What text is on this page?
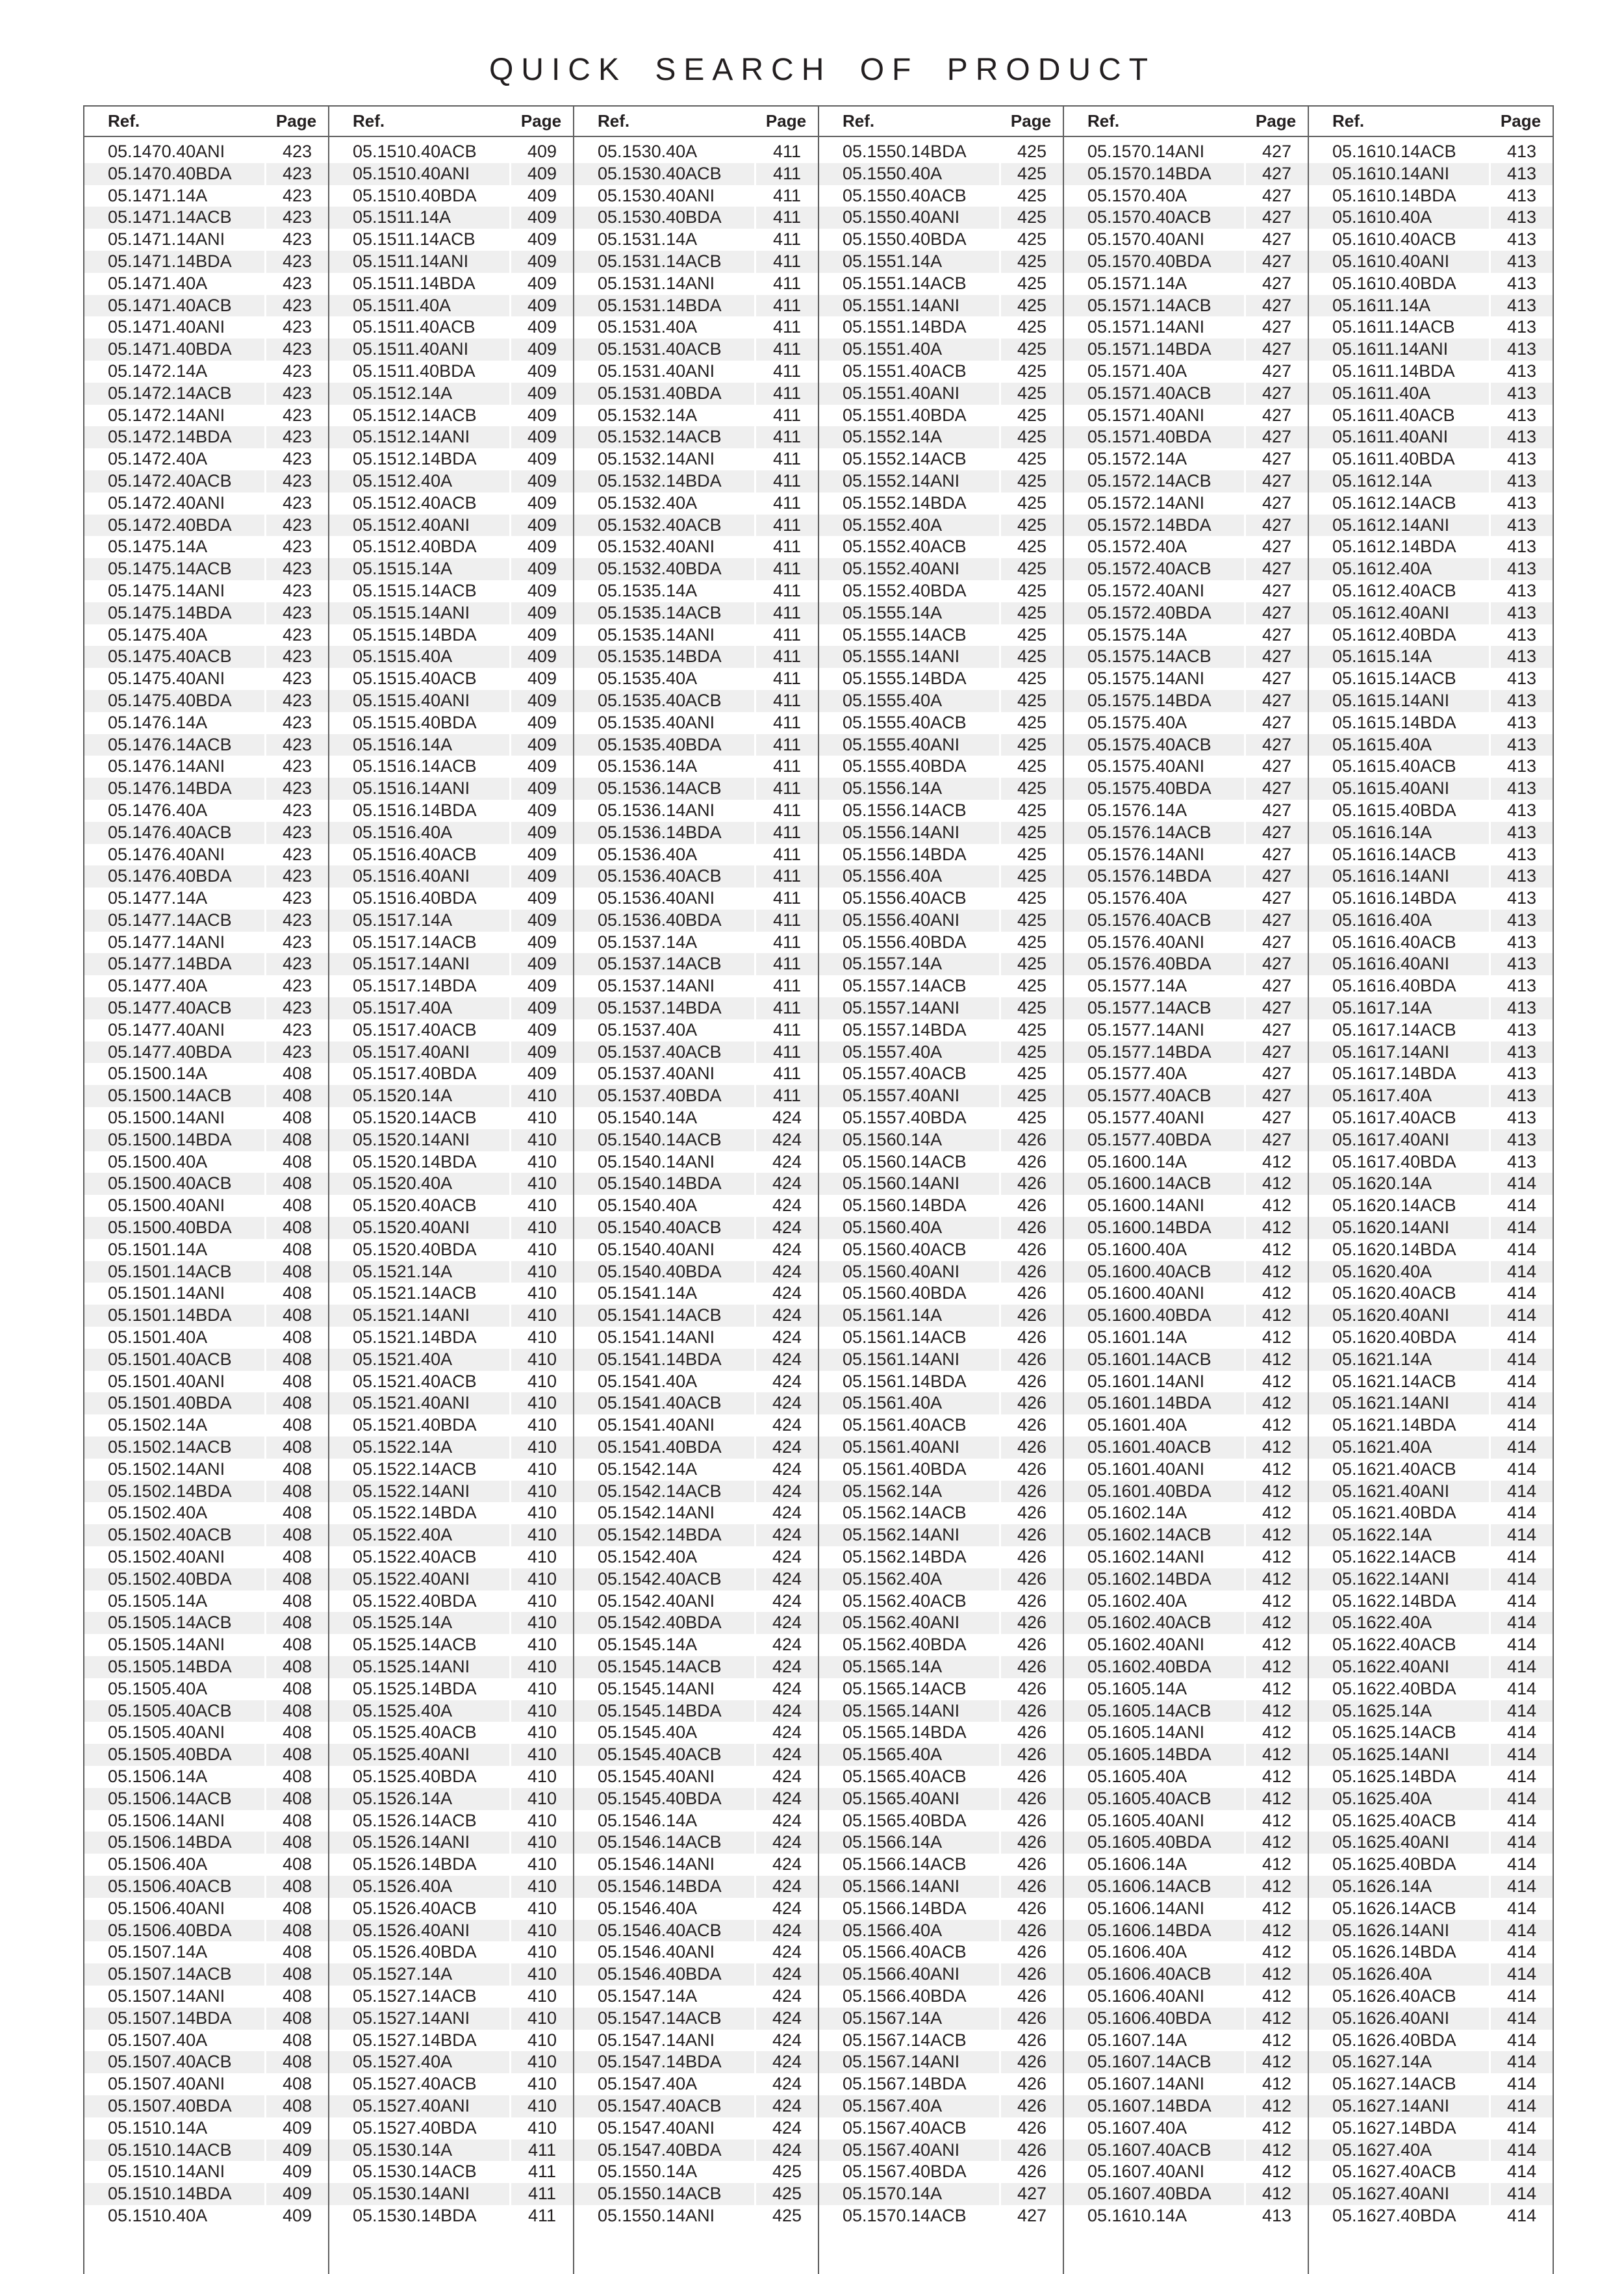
QUICK SEARCH OF PRODUCT
Ref.	Page
05.1470.40ANI	423
05.1470.40BDA	423
05.1471.14A	423
05.1471.14ACB	423
05.1471.14ANI	423
05.1471.14BDA	423
05.1471.40A	423
05.1471.40ACB	423
05.1471.40ANI	423
05.1471.40BDA	423
05.1472.14A	423
05.1472.14ACB	423
05.1472.14ANI	423
05.1472.14BDA	423
05.1472.40A	423
05.1472.40ACB	423
05.1472.40ANI	423
05.1472.40BDA	423
05.1475.14A	423
05.1475.14ACB	423
05.1475.14ANI	423
05.1475.14BDA	423
05.1475.40A	423
05.1475.40ACB	423
05.1475.40ANI	423
05.1475.40BDA	423
05.1476.14A	423
05.1476.14ACB	423
05.1476.14ANI	423
05.1476.14BDA	423
05.1476.40A	423
05.1476.40ACB	423
05.1476.40ANI	423
05.1476.40BDA	423
05.1477.14A	423
05.1477.14ACB	423
05.1477.14ANI	423
05.1477.14BDA	423
05.1477.40A	423
05.1477.40ACB	423
05.1477.40ANI	423
05.1477.40BDA	423
05.1500.14A	408
05.1500.14ACB	408
05.1500.14ANI	408
05.1500.14BDA	408
05.1500.40A	408
05.1500.40ACB	408
05.1500.40ANI	408
05.1500.40BDA	408
05.1501.14A	408
05.1501.14ACB	408
05.1501.14ANI	408
05.1501.14BDA	408
05.1501.40A	408
05.1501.40ACB	408
05.1501.40ANI	408
05.1501.40BDA	408
05.1502.14A	408
05.1502.14ACB	408
05.1502.14ANI	408
05.1502.14BDA	408
05.1502.40A	408
05.1502.40ACB	408
05.1502.40ANI	408
05.1502.40BDA	408
05.1505.14A	408
05.1505.14ACB	408
05.1505.14ANI	408
05.1505.14BDA	408
05.1505.40A	408
05.1505.40ACB	408
05.1505.40ANI	408
05.1505.40BDA	408
05.1506.14A	408
05.1506.14ACB	408
05.1506.14ANI	408
05.1506.14BDA	408
05.1506.40A	408
05.1506.40ACB	408
05.1506.40ANI	408
05.1506.40BDA	408
05.1507.14A	408
05.1507.14ACB	408
05.1507.14ANI	408
05.1507.14BDA	408
05.1507.40A	408
05.1507.40ACB	408
05.1507.40ANI	408
05.1507.40BDA	408
05.1510.14A	409
05.1510.14ACB	409
05.1510.14ANI	409
05.1510.14BDA	409
05.1510.40A	409
Ref.	Page
05.1510.40ACB	409
05.1510.40ANI	409
05.1510.40BDA	409
05.1511.14A	409
05.1511.14ACB	409
05.1511.14ANI	409
05.1511.14BDA	409
05.1511.40A	409
05.1511.40ACB	409
05.1511.40ANI	409
05.1511.40BDA	409
05.1512.14A	409
05.1512.14ACB	409
05.1512.14ANI	409
05.1512.14BDA	409
05.1512.40A	409
05.1512.40ACB	409
05.1512.40ANI	409
05.1512.40BDA	409
05.1515.14A	409
05.1515.14ACB	409
05.1515.14ANI	409
05.1515.14BDA	409
05.1515.40A	409
05.1515.40ACB	409
05.1515.40ANI	409
05.1515.40BDA	409
05.1516.14A	409
05.1516.14ACB	409
05.1516.14ANI	409
05.1516.14BDA	409
05.1516.40A	409
05.1516.40ACB	409
05.1516.40ANI	409
05.1516.40BDA	409
05.1517.14A	409
05.1517.14ACB	409
05.1517.14ANI	409
05.1517.14BDA	409
05.1517.40A	409
05.1517.40ACB	409
05.1517.40ANI	409
05.1517.40BDA	409
05.1520.14A	410
05.1520.14ACB	410
05.1520.14ANI	410
05.1520.14BDA	410
05.1520.40A	410
05.1520.40ACB	410
05.1520.40ANI	410
05.1520.40BDA	410
05.1521.14A	410
05.1521.14ACB	410
05.1521.14ANI	410
05.1521.14BDA	410
05.1521.40A	410
05.1521.40ACB	410
05.1521.40ANI	410
05.1521.40BDA	410
05.1522.14A	410
05.1522.14ACB	410
05.1522.14ANI	410
05.1522.14BDA	410
05.1522.40A	410
05.1522.40ACB	410
05.1522.40ANI	410
05.1522.40BDA	410
05.1525.14A	410
05.1525.14ACB	410
05.1525.14ANI	410
05.1525.14BDA	410
05.1525.40A	410
05.1525.40ACB	410
05.1525.40ANI	410
05.1525.40BDA	410
05.1526.14A	410
05.1526.14ACB	410
05.1526.14ANI	410
05.1526.14BDA	410
05.1526.40A	410
05.1526.40ACB	410
05.1526.40ANI	410
05.1526.40BDA	410
05.1527.14A	410
05.1527.14ACB	410
05.1527.14ANI	410
05.1527.14BDA	410
05.1527.40A	410
05.1527.40ACB	410
05.1527.40ANI	410
05.1527.40BDA	410
05.1530.14A	411
05.1530.14ACB	411
05.1530.14ANI	411
05.1530.14BDA	411
Ref.	Page
05.1530.40A	411
05.1530.40ACB	411
05.1530.40ANI	411
05.1530.40BDA	411
05.1531.14A	411
05.1531.14ACB	411
05.1531.14ANI	411
05.1531.14BDA	411
05.1531.40A	411
05.1531.40ACB	411
05.1531.40ANI	411
05.1531.40BDA	411
05.1532.14A	411
05.1532.14ACB	411
05.1532.14ANI	411
05.1532.14BDA	411
05.1532.40A	411
05.1532.40ACB	411
05.1532.40ANI	411
05.1532.40BDA	411
05.1535.14A	411
05.1535.14ACB	411
05.1535.14ANI	411
05.1535.14BDA	411
05.1535.40A	411
05.1535.40ACB	411
05.1535.40ANI	411
05.1535.40BDA	411
05.1536.14A	411
05.1536.14ACB	411
05.1536.14ANI	411
05.1536.14BDA	411
05.1536.40A	411
05.1536.40ACB	411
05.1536.40ANI	411
05.1536.40BDA	411
05.1537.14A	411
05.1537.14ACB	411
05.1537.14ANI	411
05.1537.14BDA	411
05.1537.40A	411
05.1537.40ACB	411
05.1537.40ANI	411
05.1537.40BDA	411
05.1540.14A	424
05.1540.14ACB	424
05.1540.14ANI	424
05.1540.14BDA	424
05.1540.40A	424
05.1540.40ACB	424
05.1540.40ANI	424
05.1540.40BDA	424
05.1541.14A	424
05.1541.14ACB	424
05.1541.14ANI	424
05.1541.14BDA	424
05.1541.40A	424
05.1541.40ACB	424
05.1541.40ANI	424
05.1541.40BDA	424
05.1542.14A	424
05.1542.14ACB	424
05.1542.14ANI	424
05.1542.14BDA	424
05.1542.40A	424
05.1542.40ACB	424
05.1542.40ANI	424
05.1542.40BDA	424
05.1545.14A	424
05.1545.14ACB	424
05.1545.14ANI	424
05.1545.14BDA	424
05.1545.40A	424
05.1545.40ACB	424
05.1545.40ANI	424
05.1545.40BDA	424
05.1546.14A	424
05.1546.14ACB	424
05.1546.14ANI	424
05.1546.14BDA	424
05.1546.40A	424
05.1546.40ACB	424
05.1546.40ANI	424
05.1546.40BDA	424
05.1547.14A	424
05.1547.14ACB	424
05.1547.14ANI	424
05.1547.14BDA	424
05.1547.40A	424
05.1547.40ACB	424
05.1547.40ANI	424
05.1547.40BDA	424
05.1550.14A	425
05.1550.14ACB	425
05.1550.14ANI	425
Ref.	Page
05.1550.14BDA	425
05.1550.40A	425
05.1550.40ACB	425
05.1550.40ANI	425
05.1550.40BDA	425
05.1551.14A	425
05.1551.14ACB	425
05.1551.14ANI	425
05.1551.14BDA	425
05.1551.40A	425
05.1551.40ACB	425
05.1551.40ANI	425
05.1551.40BDA	425
05.1552.14A	425
05.1552.14ACB	425
05.1552.14ANI	425
05.1552.14BDA	425
05.1552.40A	425
05.1552.40ACB	425
05.1552.40ANI	425
05.1552.40BDA	425
05.1555.14A	425
05.1555.14ACB	425
05.1555.14ANI	425
05.1555.14BDA	425
05.1555.40A	425
05.1555.40ACB	425
05.1555.40ANI	425
05.1555.40BDA	425
05.1556.14A	425
05.1556.14ACB	425
05.1556.14ANI	425
05.1556.14BDA	425
05.1556.40A	425
05.1556.40ACB	425
05.1556.40ANI	425
05.1556.40BDA	425
05.1557.14A	425
05.1557.14ACB	425
05.1557.14ANI	425
05.1557.14BDA	425
05.1557.40A	425
05.1557.40ACB	425
05.1557.40ANI	425
05.1557.40BDA	425
05.1560.14A	426
05.1560.14ACB	426
05.1560.14ANI	426
05.1560.14BDA	426
05.1560.40A	426
05.1560.40ACB	426
05.1560.40ANI	426
05.1560.40BDA	426
05.1561.14A	426
05.1561.14ACB	426
05.1561.14ANI	426
05.1561.14BDA	426
05.1561.40A	426
05.1561.40ACB	426
05.1561.40ANI	426
05.1561.40BDA	426
05.1562.14A	426
05.1562.14ACB	426
05.1562.14ANI	426
05.1562.14BDA	426
05.1562.40A	426
05.1562.40ACB	426
05.1562.40ANI	426
05.1562.40BDA	426
05.1565.14A	426
05.1565.14ACB	426
05.1565.14ANI	426
05.1565.14BDA	426
05.1565.40A	426
05.1565.40ACB	426
05.1565.40ANI	426
05.1565.40BDA	426
05.1566.14A	426
05.1566.14ACB	426
05.1566.14ANI	426
05.1566.14BDA	426
05.1566.40A	426
05.1566.40ACB	426
05.1566.40ANI	426
05.1566.40BDA	426
05.1567.14A	426
05.1567.14ACB	426
05.1567.14ANI	426
05.1567.14BDA	426
05.1567.40A	426
05.1567.40ACB	426
05.1567.40ANI	426
05.1567.40BDA	426
05.1570.14A	427
05.1570.14ACB	427
Ref.	Page
05.1570.14ANI	427
05.1570.14BDA	427
05.1570.40A	427
05.1570.40ACB	427
05.1570.40ANI	427
05.1570.40BDA	427
05.1571.14A	427
05.1571.14ACB	427
05.1571.14ANI	427
05.1571.14BDA	427
05.1571.40A	427
05.1571.40ACB	427
05.1571.40ANI	427
05.1571.40BDA	427
05.1572.14A	427
05.1572.14ACB	427
05.1572.14ANI	427
05.1572.14BDA	427
05.1572.40A	427
05.1572.40ACB	427
05.1572.40ANI	427
05.1572.40BDA	427
05.1575.14A	427
05.1575.14ACB	427
05.1575.14ANI	427
05.1575.14BDA	427
05.1575.40A	427
05.1575.40ACB	427
05.1575.40ANI	427
05.1575.40BDA	427
05.1576.14A	427
05.1576.14ACB	427
05.1576.14ANI	427
05.1576.14BDA	427
05.1576.40A	427
05.1576.40ACB	427
05.1576.40ANI	427
05.1576.40BDA	427
05.1577.14A	427
05.1577.14ACB	427
05.1577.14ANI	427
05.1577.14BDA	427
05.1577.40A	427
05.1577.40ACB	427
05.1577.40ANI	427
05.1577.40BDA	427
05.1600.14A	412
05.1600.14ACB	412
05.1600.14ANI	412
05.1600.14BDA	412
05.1600.40A	412
05.1600.40ACB	412
05.1600.40ANI	412
05.1600.40BDA	412
05.1601.14A	412
05.1601.14ACB	412
05.1601.14ANI	412
05.1601.14BDA	412
05.1601.40A	412
05.1601.40ACB	412
05.1601.40ANI	412
05.1601.40BDA	412
05.1602.14A	412
05.1602.14ACB	412
05.1602.14ANI	412
05.1602.14BDA	412
05.1602.40A	412
05.1602.40ACB	412
05.1602.40ANI	412
05.1602.40BDA	412
05.1605.14A	412
05.1605.14ACB	412
05.1605.14ANI	412
05.1605.14BDA	412
05.1605.40A	412
05.1605.40ACB	412
05.1605.40ANI	412
05.1605.40BDA	412
05.1606.14A	412
05.1606.14ACB	412
05.1606.14ANI	412
05.1606.14BDA	412
05.1606.40A	412
05.1606.40ACB	412
05.1606.40ANI	412
05.1606.40BDA	412
05.1607.14A	412
05.1607.14ACB	412
05.1607.14ANI	412
05.1607.14BDA	412
05.1607.40A	412
05.1607.40ACB	412
05.1607.40ANI	412
05.1607.40BDA	412
05.1610.14A	413
Ref.	Page
05.1610.14ACB	413
05.1610.14ANI	413
05.1610.14BDA	413
05.1610.40A	413
05.1610.40ACB	413
05.1610.40ANI	413
05.1610.40BDA	413
05.1611.14A	413
05.1611.14ACB	413
05.1611.14ANI	413
05.1611.14BDA	413
05.1611.40A	413
05.1611.40ACB	413
05.1611.40ANI	413
05.1611.40BDA	413
05.1612.14A	413
05.1612.14ACB	413
05.1612.14ANI	413
05.1612.14BDA	413
05.1612.40A	413
05.1612.40ACB	413
05.1612.40ANI	413
05.1612.40BDA	413
05.1615.14A	413
05.1615.14ACB	413
05.1615.14ANI	413
05.1615.14BDA	413
05.1615.40A	413
05.1615.40ACB	413
05.1615.40ANI	413
05.1615.40BDA	413
05.1616.14A	413
05.1616.14ACB	413
05.1616.14ANI	413
05.1616.14BDA	413
05.1616.40A	413
05.1616.40ACB	413
05.1616.40ANI	413
05.1616.40BDA	413
05.1617.14A	413
05.1617.14ACB	413
05.1617.14ANI	413
05.1617.14BDA	413
05.1617.40A	413
05.1617.40ACB	413
05.1617.40ANI	413
05.1617.40BDA	413
05.1620.14A	414
05.1620.14ACB	414
05.1620.14ANI	414
05.1620.14BDA	414
05.1620.40A	414
05.1620.40ACB	414
05.1620.40ANI	414
05.1620.40BDA	414
05.1621.14A	414
05.1621.14ACB	414
05.1621.14ANI	414
05.1621.14BDA	414
05.1621.40A	414
05.1621.40ACB	414
05.1621.40ANI	414
05.1621.40BDA	414
05.1622.14A	414
05.1622.14ACB	414
05.1622.14ANI	414
05.1622.14BDA	414
05.1622.40A	414
05.1622.40ACB	414
05.1622.40ANI	414
05.1622.40BDA	414
05.1625.14A	414
05.1625.14ACB	414
05.1625.14ANI	414
05.1625.14BDA	414
05.1625.40A	414
05.1625.40ACB	414
05.1625.40ANI	414
05.1625.40BDA	414
05.1626.14A	414
05.1626.14ACB	414
05.1626.14ANI	414
05.1626.14BDA	414
05.1626.40A	414
05.1626.40ACB	414
05.1626.40ANI	414
05.1626.40BDA	414
05.1627.14A	414
05.1627.14ACB	414
05.1627.14ANI	414
05.1627.14BDA	414
05.1627.40A	414
05.1627.40ACB	414
05.1627.40ANI	414
05.1627.40BDA	414
